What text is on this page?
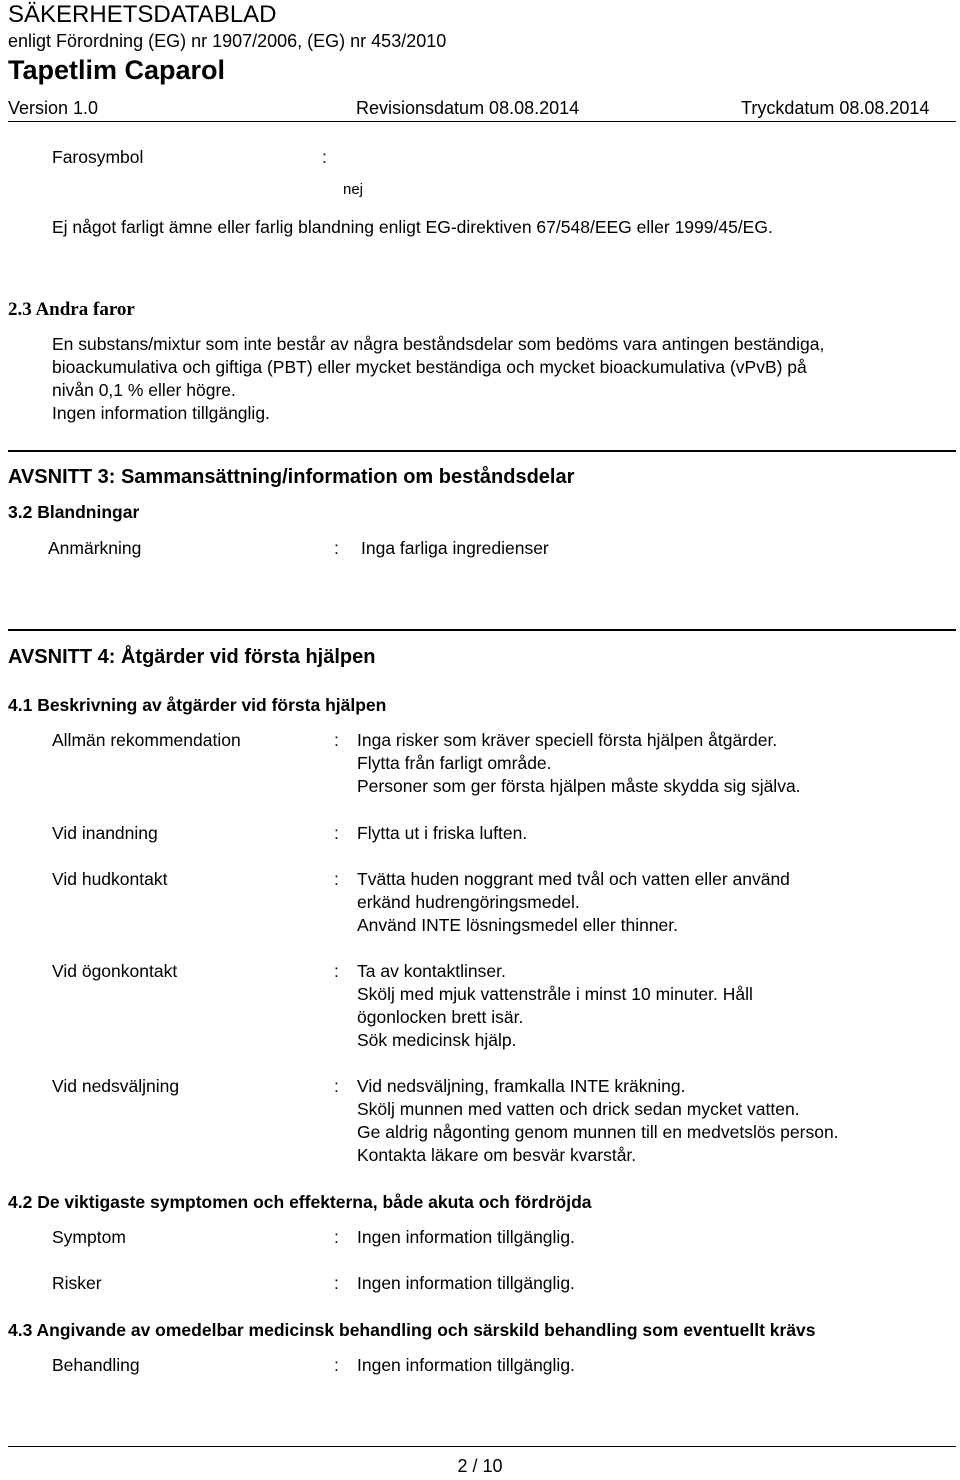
SÄKERHETSDATABLAD
enligt Förordning (EG) nr 1907/2006, (EG) nr 453/2010
Tapetlim Caparol
Version 1.0	Revisionsdatum 08.08.2014	Tryckdatum 08.08.2014
Farosymbol	:
nej
Ej något farligt ämne eller farlig blandning enligt EG-direktiven 67/548/EEG eller 1999/45/EG.
2.3 Andra faror
En substans/mixtur som inte består av några beståndsdelar som bedöms vara antingen beständiga,
bioackumulativa och giftiga (PBT) eller mycket beständiga och mycket bioackumulativa (vPvB) på
nivån 0,1 % eller högre.
Ingen information tillgänglig.
AVSNITT 3: Sammansättning/information om beståndsdelar
3.2 Blandningar
Anmärkning	: Inga farliga ingredienser
AVSNITT 4: Åtgärder vid första hjälpen
4.1 Beskrivning av åtgärder vid första hjälpen
Allmän rekommendation	: Inga risker som kräver speciell första hjälpen åtgärder.
Flytta från farligt område.
Personer som ger första hjälpen måste skydda sig själva.
Vid inandning	: Flytta ut i friska luften.
Vid hudkontakt	: Tvätta huden noggrant med tvål och vatten eller använd
erkänd hudrengöringsmedel.
Använd INTE lösningsmedel eller thinner.
Vid ögonkontakt	: Ta av kontaktlinser.
Skölj med mjuk vattenstråle i minst 10 minuter. Håll
ögonlocken brett isär.
Sök medicinsk hjälp.
Vid nedsväljning	: Vid nedsväljning, framkalla INTE kräkning.
Skölj munnen med vatten och drick sedan mycket vatten.
Ge aldrig någonting genom munnen till en medvetslös person.
Kontakta läkare om besvär kvarstår.
4.2 De viktigaste symptomen och effekterna, både akuta och fördröjda
Symptom	: Ingen information tillgänglig.
Risker	: Ingen information tillgänglig.
4.3 Angivande av omedelbar medicinsk behandling och särskild behandling som eventuellt krävs
Behandling	: Ingen information tillgänglig.
2 / 10
